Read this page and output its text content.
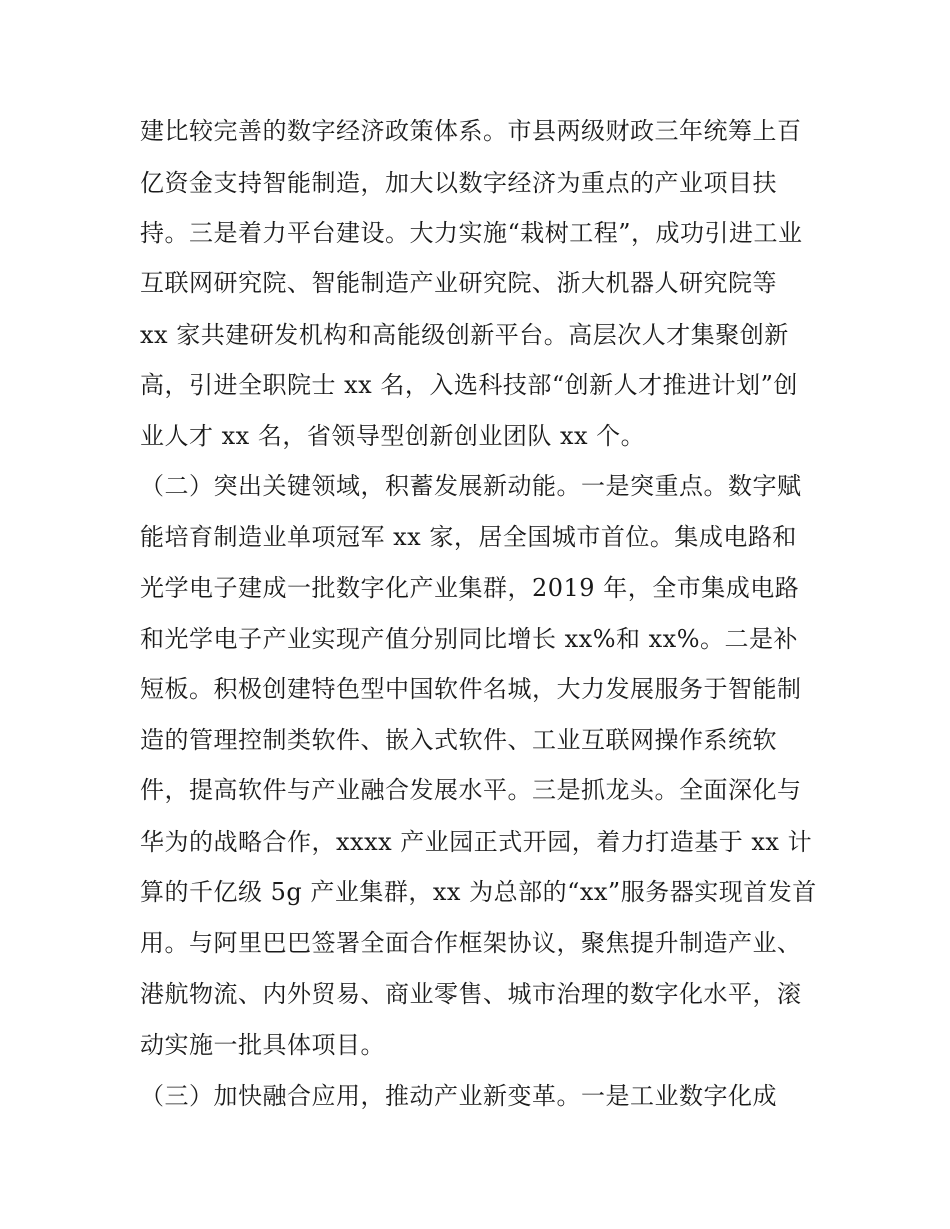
建比较完善的数字经济政策体系。市县两级财政三年统筹上百
亿资金支持智能制造，加大以数字经济为重点的产业项目扶
持。三是着力平台建设。大力实施“栽树工程”，成功引进工业
互联网研究院、智能制造产业研究院、浙大机器人研究院等
xx 家共建研发机构和高能级创新平台。高层次人才集聚创新
高，引进全职院士 xx 名，入选科技部“创新人才推进计划”创
业人才 xx 名，省领导型创新创业团队 xx 个。
（二）突出关键领域，积蓄发展新动能。一是突重点。数字赋
能培育制造业单项冠军 xx 家，居全国城市首位。集成电路和
光学电子建成一批数字化产业集群，2019 年，全市集成电路
和光学电子产业实现产值分别同比增长 xx%和 xx%。二是补
短板。积极创建特色型中国软件名城，大力发展服务于智能制
造的管理控制类软件、嵌入式软件、工业互联网操作系统软
件，提高软件与产业融合发展水平。三是抓龙头。全面深化与
华为的战略合作，xxxx 产业园正式开园，着力打造基于 xx 计
算的千亿级 5g 产业集群，xx 为总部的“xx”服务器实现首发首
用。与阿里巴巴签署全面合作框架协议，聚焦提升制造产业、
港航物流、内外贸易、商业零售、城市治理的数字化水平，滚
动实施一批具体项目。
（三）加快融合应用，推动产业新变革。一是工业数字化成
